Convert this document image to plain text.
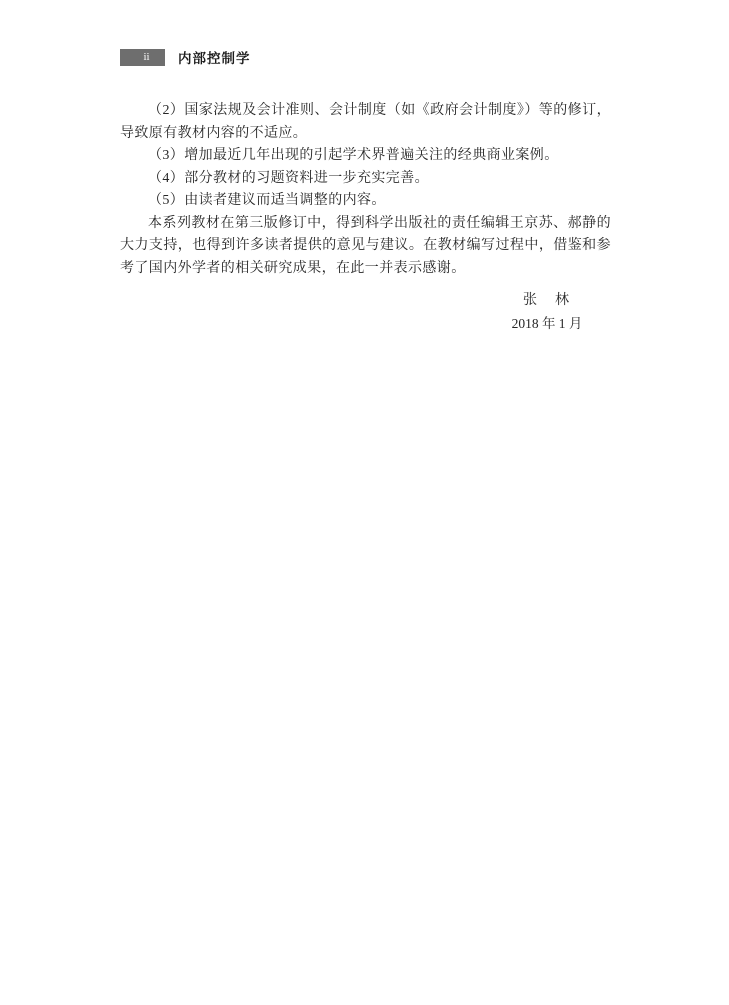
ii	内部控制学

（2）国家法规及会计准则、会计制度（如《政府会计制度》）等的修订，导致原有教材内容的不适应。

（3）增加最近几年出现的引起学术界普遍关注的经典商业案例。

（4）部分教材的习题资料进一步充实完善。

（5）由读者建议而适当调整的内容。

本系列教材在第三版修订中，得到科学出版社的责任编辑王京苏、郝静的大力支持，也得到许多读者提供的意见与建议。在教材编写过程中，借鉴和参考了国内外学者的相关研究成果，在此一并表示感谢。

张　林
2018 年 1 月
